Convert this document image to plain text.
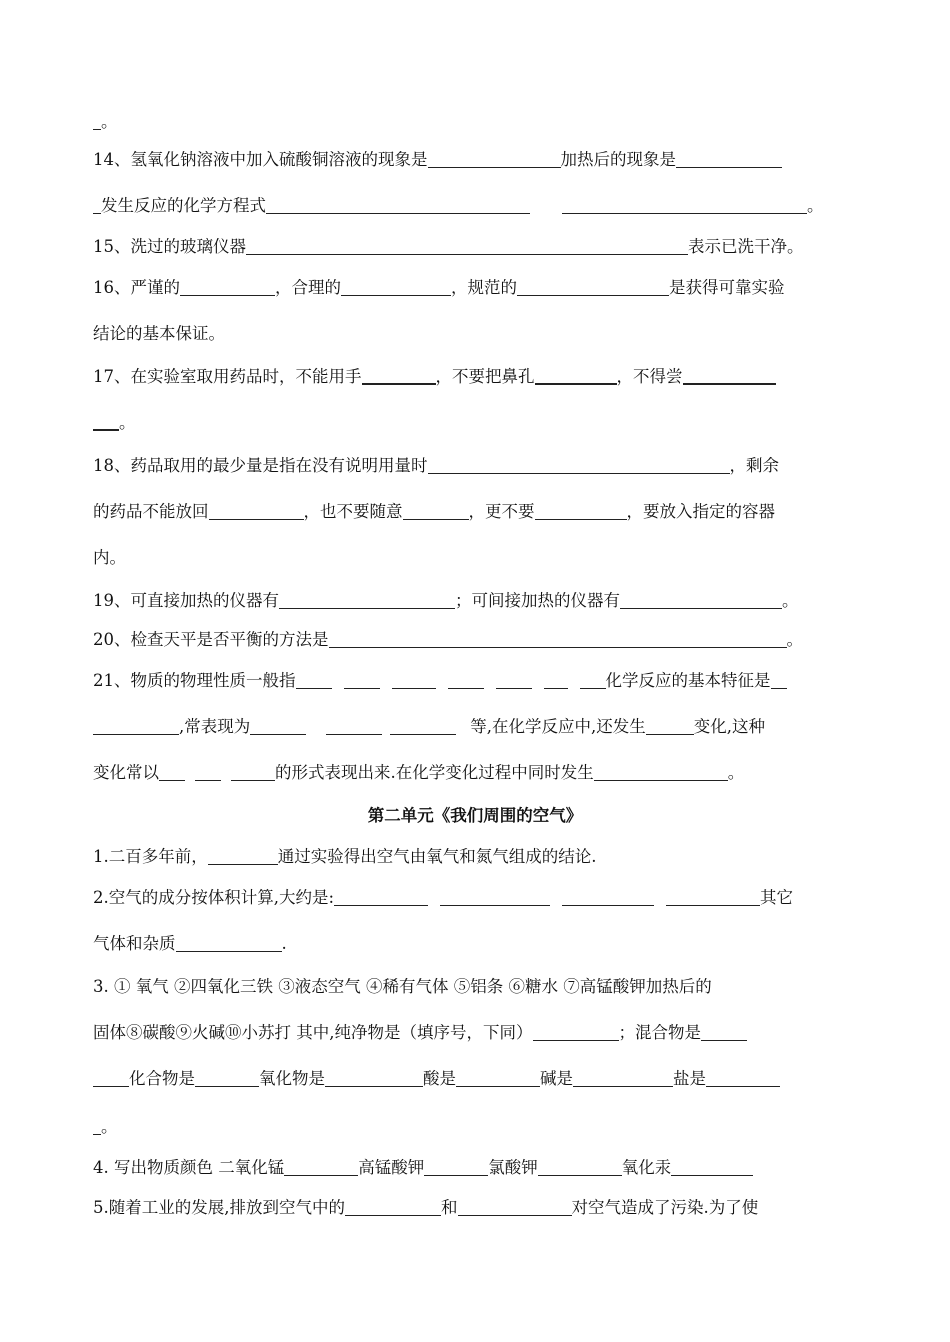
。
14、氢氧化钠溶液中加入硫酸铜溶液的现象是	加热后的现象是
发生反应的化学方程式	。
15、洗过的玻璃仪器	表示已洗干净。
16、严谨的	，合理的	，规范的	是获得可靠实验
结论的基本保证。
17、在实验室取用药品时，不能用手	，不要把鼻孔	，不得尝
。
18、药品取用的最少量是指在没有说明用量时	，剩余
的药品不能放回	，也不要随意	，更不要	，要放入指定的容器
内。
19、可直接加热的仪器有	；可间接加热的仪器有	。
20、检查天平是否平衡的方法是	。
21、物质的物理性质一般指	化学反应的基本特征是
,常表现为	等,在化学反应中,还发生	变化,这种
变化常以	的形式表现出来.在化学变化过程中同时发生	。
第二单元《我们周围的空气》
1.二百多年前，	通过实验得出空气由氧气和氮气组成的结论.
2.空气的成分按体积计算,大约是:	其它
气体和杂质	.
3. ① 氧气 ②四氧化三铁 ③液态空气 ④稀有气体 ⑤铝条 ⑥糖水 ⑦高锰酸钾加热后的
固体⑧碳酸⑨火碱⑩小苏打 其中,纯净物是（填序号，下同）	；混合物是
化合物是	氧化物是	酸是	碱是	盐是
。
4. 写出物质颜色 二氧化锰	高锰酸钾	氯酸钾	氧化汞
5.随着工业的发展,排放到空气中的	和	对空气造成了污染.为了使
